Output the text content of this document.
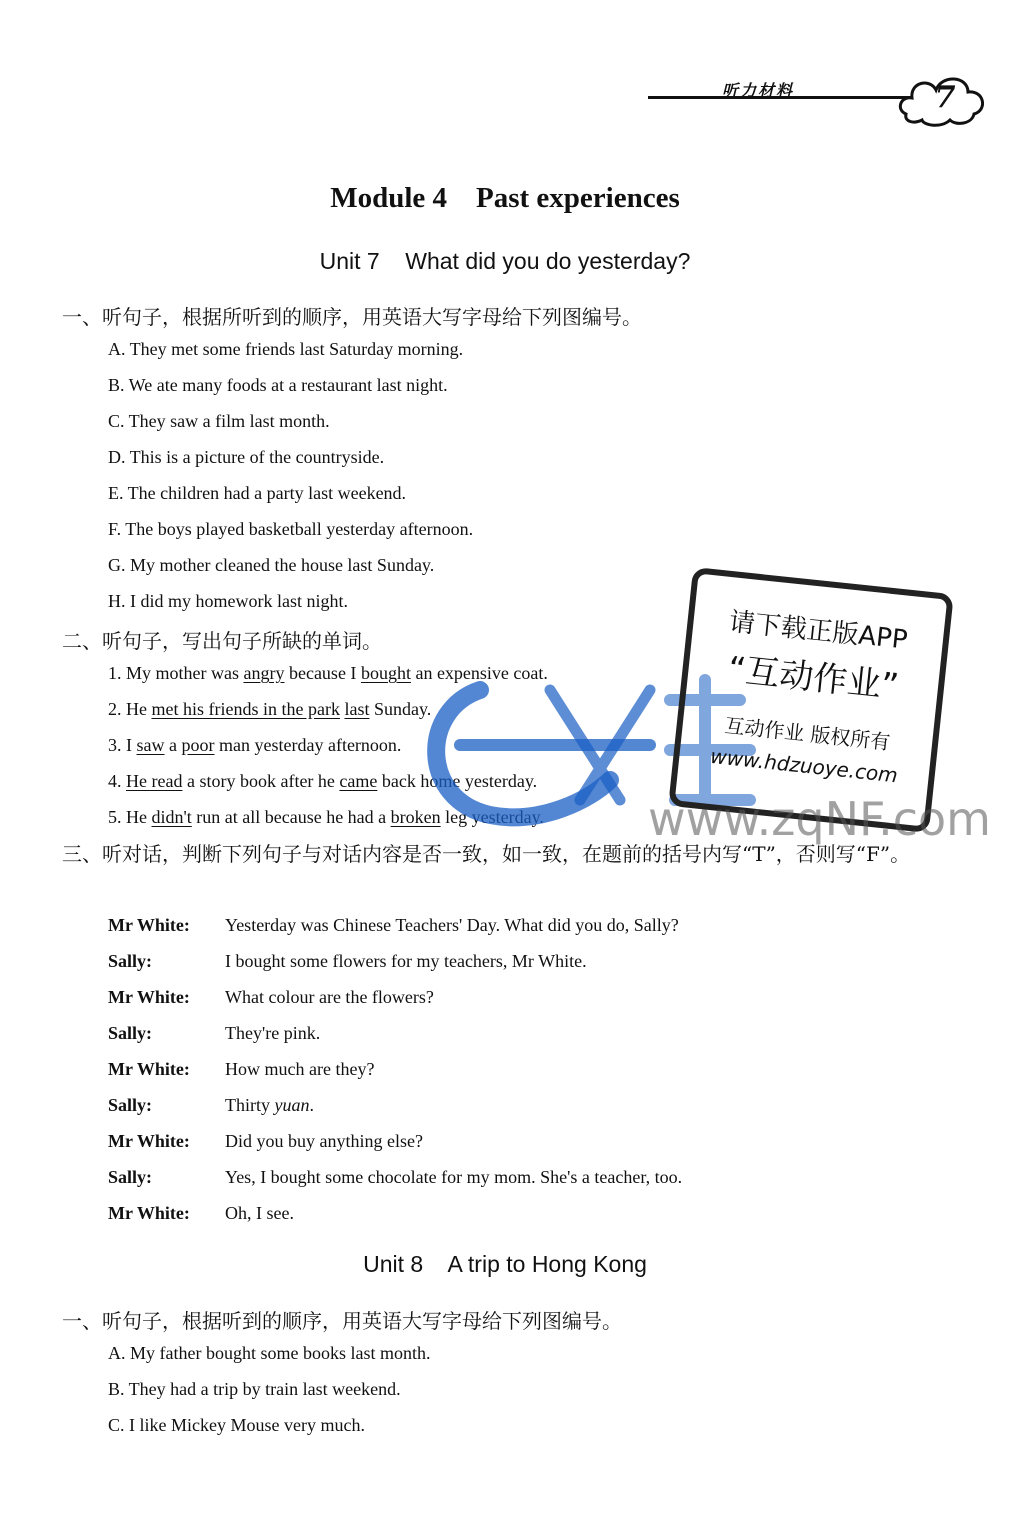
听力材料	7
Module 4    Past experiences
Unit 7    What did you do yesterday?
一、听句子，根据所听到的顺序，用英语大写字母给下列图编号。
A. They met some friends last Saturday morning.
B. We ate many foods at a restaurant last night.
C. They saw a film last month.
D. This is a picture of the countryside.
E. The children had a party last weekend.
F. The boys played basketball yesterday afternoon.
G. My mother cleaned the house last Sunday.
H. I did my homework last night.
二、听句子，写出句子所缺的单词。
1. My mother was angry because I bought an expensive coat.
2. He met his friends in the park last Sunday.
3. I saw a poor man yesterday afternoon.
4. He read a story book after he came back home yesterday.
5. He didn't run at all because he had a broken leg yesterday.
三、听对话，判断下列句子与对话内容是否一致，如一致，在题前的括号内写“T”，否则写“F”。
Mr White: Yesterday was Chinese Teachers' Day. What did you do, Sally?
Sally:	I bought some flowers for my teachers, Mr White.
Mr White: What colour are the flowers?
Sally:	They're pink.
Mr White: How much are they?
Sally:	Thirty yuan.
Mr White: Did you buy anything else?
Sally:	Yes, I bought some chocolate for my mom. She's a teacher, too.
Mr White: Oh, I see.
Unit 8    A trip to Hong Kong
一、听句子，根据听到的顺序，用英语大写字母给下列图编号。
A. My father bought some books last month.
B. They had a trip by train last weekend.
C. I like Mickey Mouse very much.
请下载正版APP
“互动作业”
互动作业 版权所有
www.hdzuoye.com
www.zqNF.com
